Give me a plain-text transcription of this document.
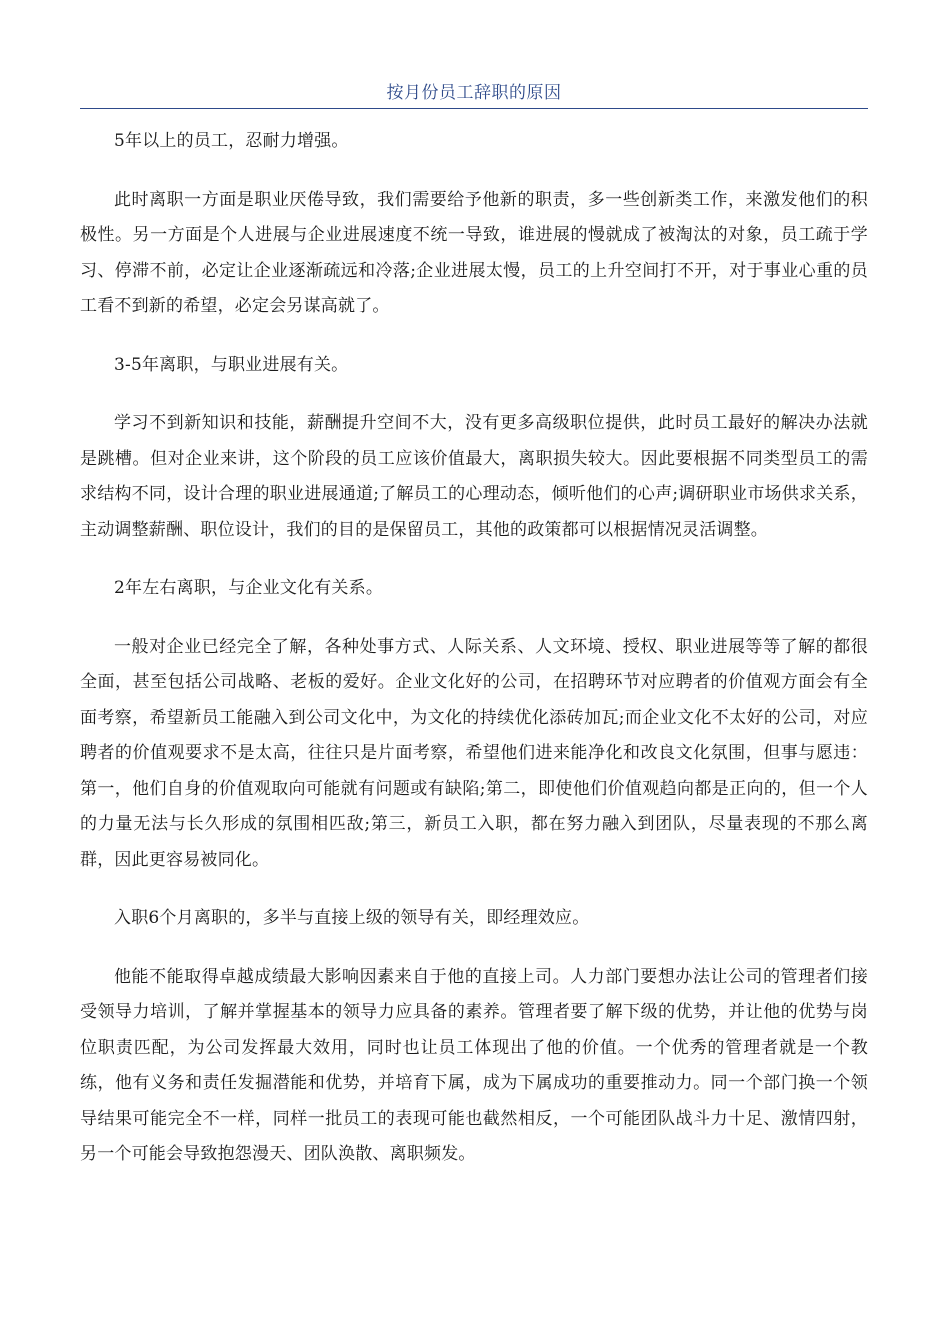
按月份员工辞职的原因

5年以上的员工，忍耐力增强。

此时离职一方面是职业厌倦导致，我们需要给予他新的职责，多一些创新类工作，来激发他们的积极性。另一方面是个人进展与企业进展速度不统一导致，谁进展的慢就成了被淘汰的对象，员工疏于学习、停滞不前，必定让企业逐渐疏远和冷落;企业进展太慢，员工的上升空间打不开，对于事业心重的员工看不到新的希望，必定会另谋高就了。

3-5年离职，与职业进展有关。

学习不到新知识和技能，薪酬提升空间不大，没有更多高级职位提供，此时员工最好的解决办法就是跳槽。但对企业来讲，这个阶段的员工应该价值最大，离职损失较大。因此要根据不同类型员工的需求结构不同，设计合理的职业进展通道;了解员工的心理动态，倾听他们的心声;调研职业市场供求关系，主动调整薪酬、职位设计，我们的目的是保留员工，其他的政策都可以根据情况灵活调整。

2年左右离职，与企业文化有关系。

一般对企业已经完全了解，各种处事方式、人际关系、人文环境、授权、职业进展等等了解的都很全面，甚至包括公司战略、老板的爱好。企业文化好的公司，在招聘环节对应聘者的价值观方面会有全面考察，希望新员工能融入到公司文化中，为文化的持续优化添砖加瓦;而企业文化不太好的公司，对应聘者的价值观要求不是太高，往往只是片面考察，希望他们进来能净化和改良文化氛围，但事与愿违：第一，他们自身的价值观取向可能就有问题或有缺陷;第二，即使他们价值观趋向都是正向的，但一个人的力量无法与长久形成的氛围相匹敌;第三，新员工入职，都在努力融入到团队，尽量表现的不那么离群，因此更容易被同化。

入职6个月离职的，多半与直接上级的领导有关，即经理效应。

他能不能取得卓越成绩最大影响因素来自于他的直接上司。人力部门要想办法让公司的管理者们接受领导力培训，了解并掌握基本的领导力应具备的素养。管理者要了解下级的优势，并让他的优势与岗位职责匹配，为公司发挥最大效用，同时也让员工体现出了他的价值。一个优秀的管理者就是一个教练，他有义务和责任发掘潜能和优势，并培育下属，成为下属成功的重要推动力。同一个部门换一个领导结果可能完全不一样，同样一批员工的表现可能也截然相反，一个可能团队战斗力十足、激情四射，另一个可能会导致抱怨漫天、团队涣散、离职频发。
